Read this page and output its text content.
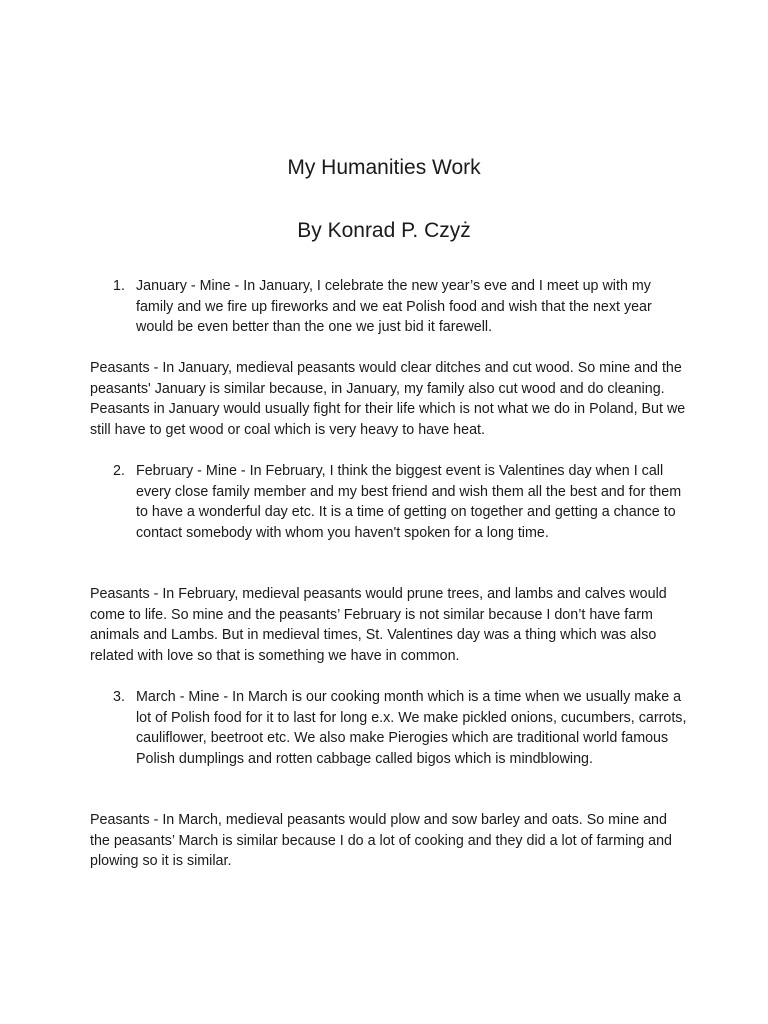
My Humanities Work
By Konrad P. Czyż
1. January - Mine - In January, I celebrate the new year’s eve and I meet up with my family and we fire up fireworks and we eat Polish food and wish that the next year would be even better than the one we just bid it farewell.

Peasants - In January, medieval peasants would clear ditches and cut wood. So mine and the peasants' January is similar because, in January, my family also cut wood and do cleaning. Peasants in January would usually fight for their life which is not what we do in Poland, But we still have to get wood or coal which is very heavy to have heat.

2. February - Mine - In February, I think the biggest event is Valentines day when I call every close family member and my best friend and wish them all the best and for them to have a wonderful day etc. It is a time of getting on together and getting a chance to contact somebody with whom you haven't spoken for a long time.

Peasants - In February, medieval peasants would prune trees, and lambs and calves would come to life. So mine and the peasants’ February is not similar because I don’t have farm animals and Lambs. But in medieval times, St. Valentines day was a thing which was also related with love so that is something we have in common.

3. March - Mine - In March is our cooking month which is a time when we usually make a lot of Polish food for it to last for long e.x. We make pickled onions, cucumbers, carrots, cauliflower, beetroot etc. We also make Pierogies which are traditional world famous Polish dumplings and rotten cabbage called bigos which is mindblowing.

Peasants - In March, medieval peasants would plow and sow barley and oats. So mine and the peasants’ March is similar because I do a lot of cooking and they did a lot of farming and plowing so it is similar.
